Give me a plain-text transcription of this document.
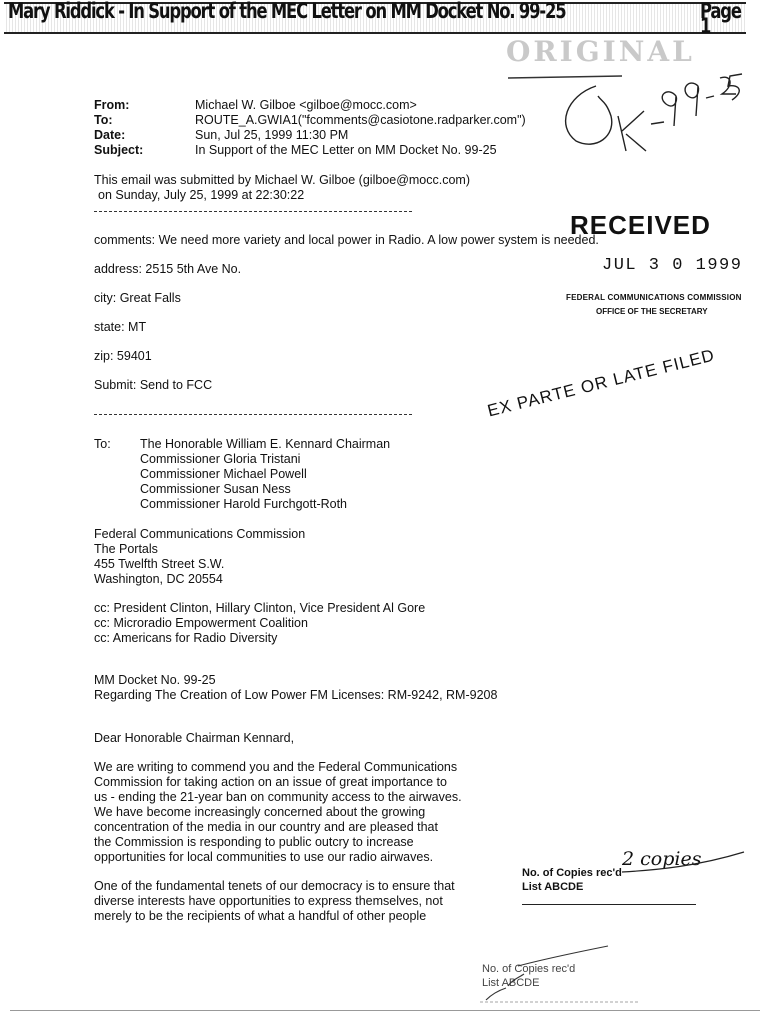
Mary Riddick - In Support of the MEC Letter on MM Docket No. 99-25	Page 1
ORIGINAL
From:	Michael W. Gilboe <gilboe@mocc.com>
To:	ROUTE_A.GWIA1("fcomments@casiotone.radparker.com")
Date:	Sun, Jul 25, 1999 11:30 PM
Subject:	In Support of the MEC Letter on MM Docket No. 99-25
This email was submitted by Michael W. Gilboe (gilboe@mocc.com)
on Sunday, July 25, 1999 at 22:30:22
comments: We need more variety and local power in Radio. A low power system is needed.
address: 2515 5th Ave No.
city: Great Falls
state: MT
zip: 59401
Submit: Send to FCC
RECEIVED
JUL 3 0 1999
FEDERAL COMMUNICATIONS COMMISSION
OFFICE OF THE SECRETARY
EX PARTE OR LATE FILED
To: The Honorable William E. Kennard Chairman
Commissioner Gloria Tristani
Commissioner Michael Powell
Commissioner Susan Ness
Commissioner Harold Furchgott-Roth
Federal Communications Commission
The Portals
455 Twelfth Street S.W.
Washington, DC 20554
cc: President Clinton, Hillary Clinton, Vice President Al Gore
cc: Microradio Empowerment Coalition
cc: Americans for Radio Diversity
MM Docket No. 99-25
Regarding The Creation of Low Power FM Licenses: RM-9242, RM-9208
Dear Honorable Chairman Kennard,
We are writing to commend you and the Federal Communications
Commission for taking action on an issue of great importance to
us - ending the 21-year ban on community access to the airwaves.
We have become increasingly concerned about the growing
concentration of the media in our country and are pleased that
the Commission is responding to public outcry to increase
opportunities for local communities to use our radio airwaves.
One of the fundamental tenets of our democracy is to ensure that
diverse interests have opportunities to express themselves, not
merely to be the recipients of what a handful of other people
No. of Copies rec'd
2 copies
List ABCDE
No. of Copies rec'd
List ABCDE
